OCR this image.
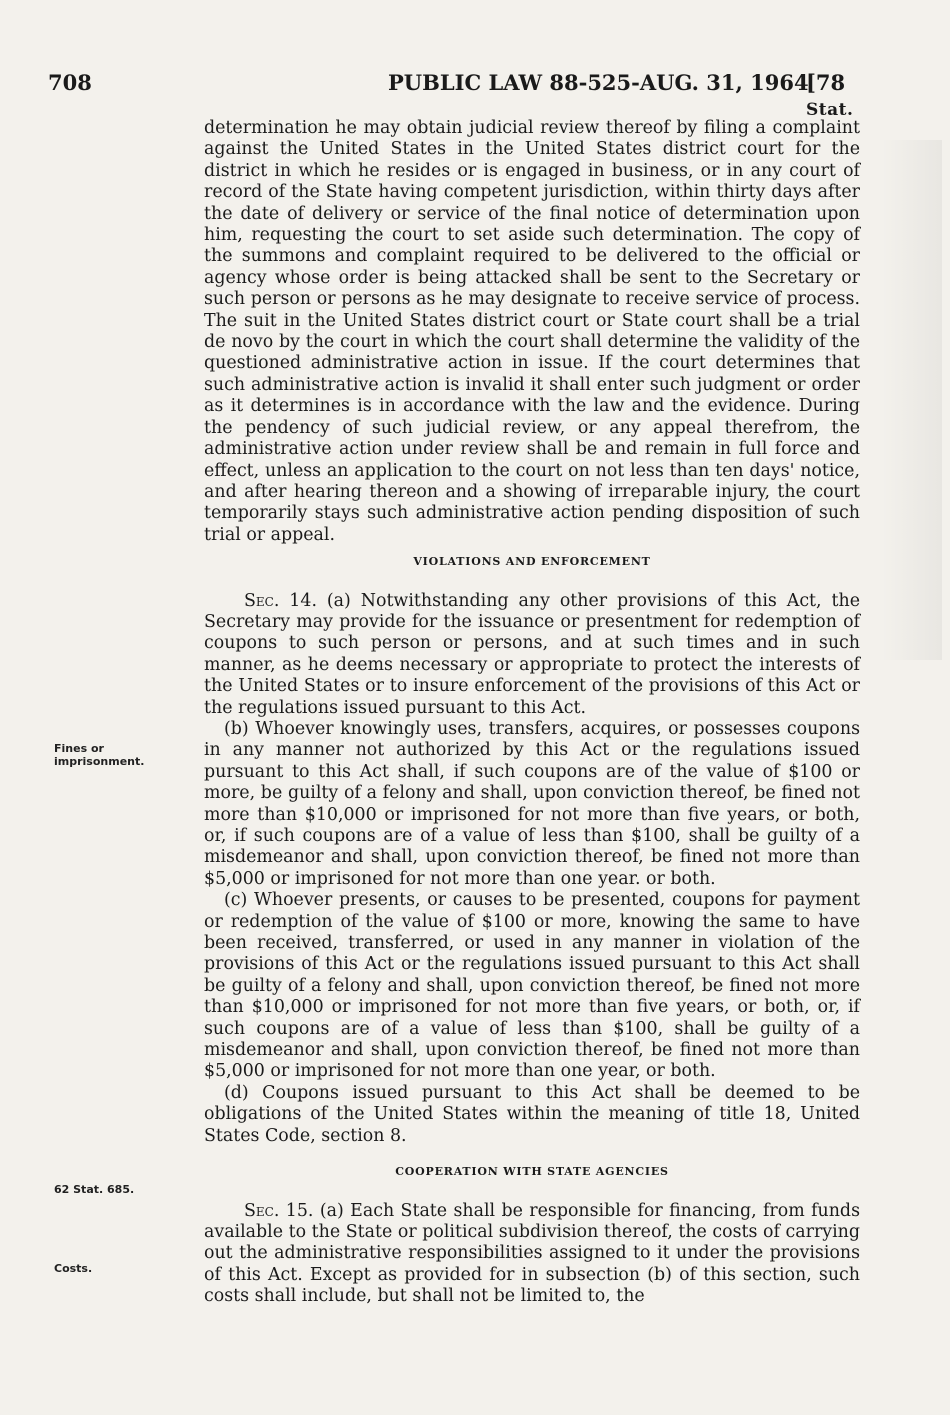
708	PUBLIC LAW 88-525-AUG. 31, 1964
[78 Stat.
Fines or imprisonment.
62 Stat. 685.
Costs.

determination he may obtain judicial review thereof by filing a complaint against the United States in the United States district court for the district in which he resides or is engaged in business, or in any court of record of the State having competent jurisdiction, within thirty days after the date of delivery or service of the final notice of determination upon him, requesting the court to set aside such determination. The copy of the summons and complaint required to be delivered to the official or agency whose order is being attacked shall be sent to the Secretary or such person or persons as he may designate to receive service of process. The suit in the United States district court or State court shall be a trial de novo by the court in which the court shall determine the validity of the questioned administrative action in issue. If the court determines that such administrative action is invalid it shall enter such judgment or order as it determines is in accordance with the law and the evidence. During the pendency of such judicial review, or any appeal therefrom, the administrative action under review shall be and remain in full force and effect, unless an application to the court on not less than ten days' notice, and after hearing thereon and a showing of irreparable injury, the court temporarily stays such administrative action pending disposition of such trial or appeal.

VIOLATIONS AND ENFORCEMENT

Sec. 14. (a) Notwithstanding any other provisions of this Act, the Secretary may provide for the issuance or presentment for redemption of coupons to such person or persons, and at such times and in such manner, as he deems necessary or appropriate to protect the interests of the United States or to insure enforcement of the provisions of this Act or the regulations issued pursuant to this Act.

(b) Whoever knowingly uses, transfers, acquires, or possesses coupons in any manner not authorized by this Act or the regulations issued pursuant to this Act shall, if such coupons are of the value of $100 or more, be guilty of a felony and shall, upon conviction thereof, be fined not more than $10,000 or imprisoned for not more than five years, or both, or, if such coupons are of a value of less than $100, shall be guilty of a misdemeanor and shall, upon conviction thereof, be fined not more than $5,000 or imprisoned for not more than one year. or both.

(c) Whoever presents, or causes to be presented, coupons for payment or redemption of the value of $100 or more, knowing the same to have been received, transferred, or used in any manner in violation of the provisions of this Act or the regulations issued pursuant to this Act shall be guilty of a felony and shall, upon conviction thereof, be fined not more than $10,000 or imprisoned for not more than five years, or both, or, if such coupons are of a value of less than $100, shall be guilty of a misdemeanor and shall, upon conviction thereof, be fined not more than $5,000 or imprisoned for not more than one year, or both.

(d) Coupons issued pursuant to this Act shall be deemed to be obligations of the United States within the meaning of title 18, United States Code, section 8.

COOPERATION WITH STATE AGENCIES

Sec. 15. (a) Each State shall be responsible for financing, from funds available to the State or political subdivision thereof, the costs of carrying out the administrative responsibilities assigned to it under the provisions of this Act. Except as provided for in subsection (b) of this section, such costs shall include, but shall not be limited to, the
